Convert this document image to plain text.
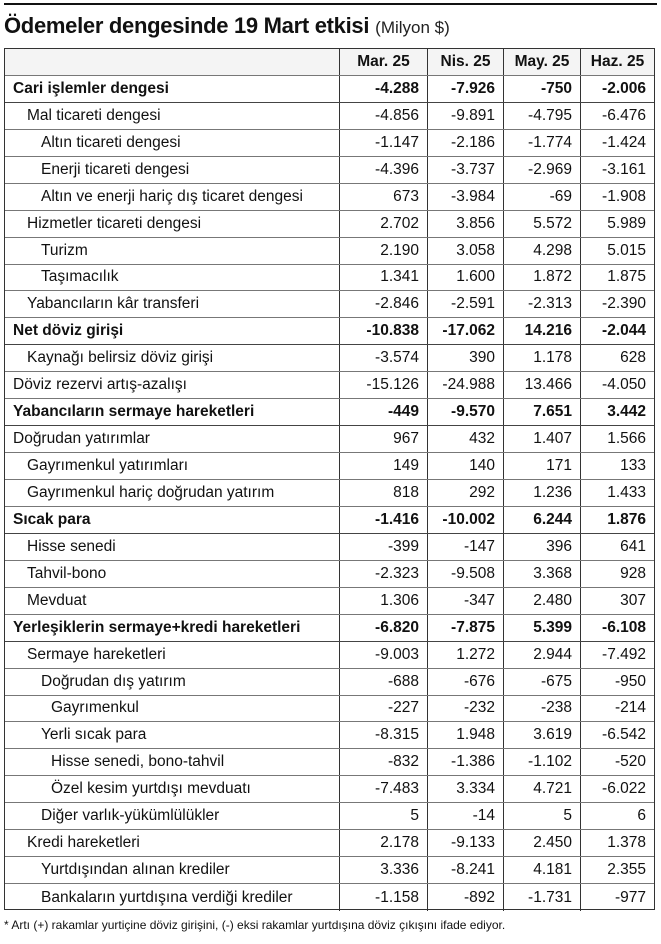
Ödemeler dengesinde 19 Mart etkisi (Milyon $)
Mar. 25	Nis. 25	May. 25	Haz. 25
Cari işlemler dengesi	-4.288	-7.926	-750	-2.006
Mal ticareti dengesi	-4.856	-9.891	-4.795	-6.476
Altın ticareti dengesi	-1.147	-2.186	-1.774	-1.424
Enerji ticareti dengesi	-4.396	-3.737	-2.969	-3.161
Altın ve enerji hariç dış ticaret dengesi	673	-3.984	-69	-1.908
Hizmetler ticareti dengesi	2.702	3.856	5.572	5.989
Turizm	2.190	3.058	4.298	5.015
Taşımacılık	1.341	1.600	1.872	1.875
Yabancıların kâr transferi	-2.846	-2.591	-2.313	-2.390
Net döviz girişi	-10.838	-17.062	14.216	-2.044
Kaynağı belirsiz döviz girişi	-3.574	390	1.178	628
Döviz rezervi artış-azalışı	-15.126	-24.988	13.466	-4.050
Yabancıların sermaye hareketleri	-449	-9.570	7.651	3.442
Doğrudan yatırımlar	967	432	1.407	1.566
Gayrımenkul yatırımları	149	140	171	133
Gayrımenkul hariç doğrudan yatırım	818	292	1.236	1.433
Sıcak para	-1.416	-10.002	6.244	1.876
Hisse senedi	-399	-147	396	641
Tahvil-bono	-2.323	-9.508	3.368	928
Mevduat	1.306	-347	2.480	307
Yerleşiklerin sermaye+kredi hareketleri	-6.820	-7.875	5.399	-6.108
Sermaye hareketleri	-9.003	1.272	2.944	-7.492
Doğrudan dış yatırım	-688	-676	-675	-950
Gayrımenkul	-227	-232	-238	-214
Yerli sıcak para	-8.315	1.948	3.619	-6.542
Hisse senedi, bono-tahvil	-832	-1.386	-1.102	-520
Özel kesim yurtdışı mevduatı	-7.483	3.334	4.721	-6.022
Diğer varlık-yükümlülükler	5	-14	5	6
Kredi hareketleri	2.178	-9.133	2.450	1.378
Yurtdışından alınan krediler	3.336	-8.241	4.181	2.355
Bankaların yurtdışına verdiği krediler	-1.158	-892	-1.731	-977
* Artı (+) rakamlar yurtiçine döviz girişini, (-) eksi rakamlar yurtdışına döviz çıkışını ifade ediyor.
